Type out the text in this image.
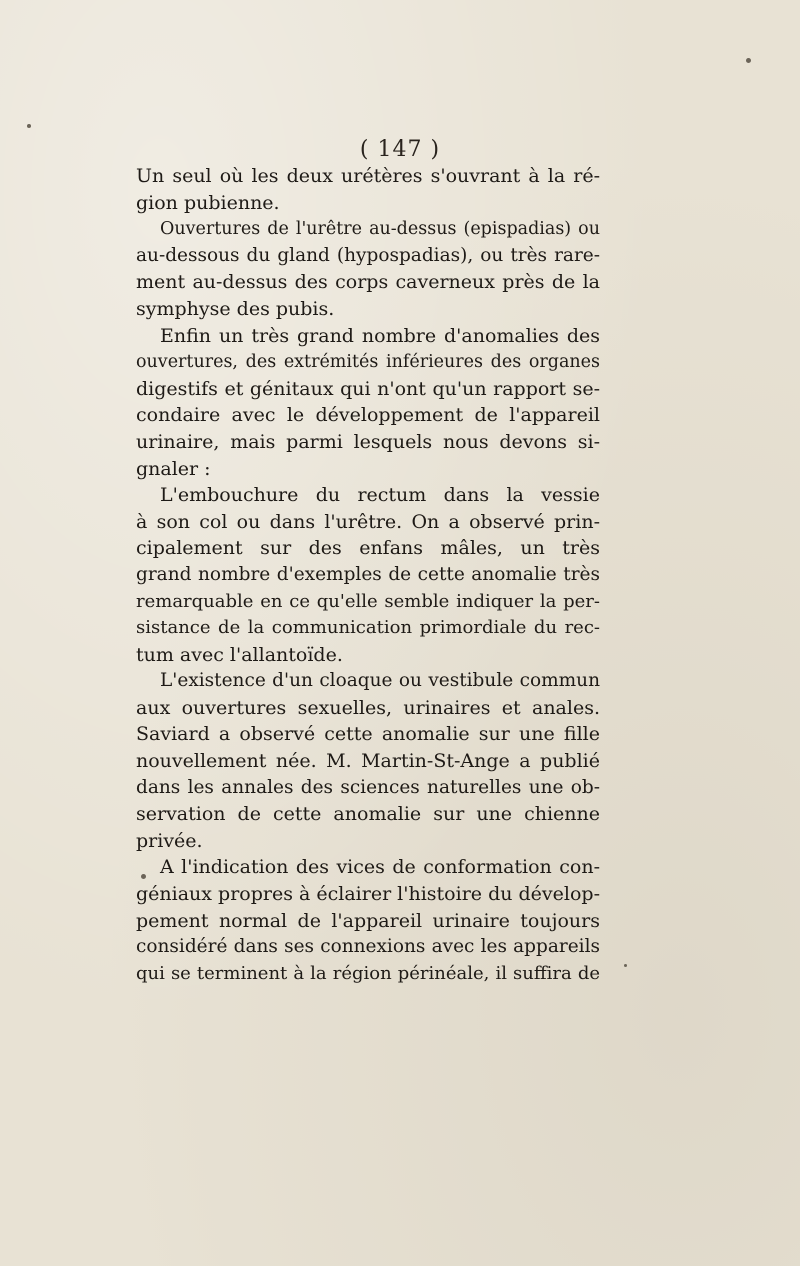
( 147 )
Un seul où les deux urétères s'ouvrant à la ré-
gion pubienne.
Ouvertures de l'urêtre au-dessus (epispadias) ou
au-dessous du gland (hypospadias), ou très rare-
ment au-dessus des corps caverneux près de la
symphyse des pubis.
Enfin un très grand nombre d'anomalies des
ouvertures, des extrémités inférieures des organes
digestifs et génitaux qui n'ont qu'un rapport se-
condaire avec le développement de l'appareil
urinaire, mais parmi lesquels nous devons si-
gnaler :
L'embouchure du rectum dans la vessie
à son col ou dans l'urêtre. On a observé prin-
cipalement sur des enfans mâles, un très
grand nombre d'exemples de cette anomalie très
remarquable en ce qu'elle semble indiquer la per-
sistance de la communication primordiale du rec-
tum avec l'allantoïde.
L'existence d'un cloaque ou vestibule commun
aux ouvertures sexuelles, urinaires et anales.
Saviard a observé cette anomalie sur une fille
nouvellement née. M. Martin-St-Ange a publié
dans les annales des sciences naturelles une ob-
servation de cette anomalie sur une chienne
privée.
A l'indication des vices de conformation con-
géniaux propres à éclairer l'histoire du dévelop-
pement normal de l'appareil urinaire toujours
considéré dans ses connexions avec les appareils
qui se terminent à la région périnéale, il suffira de
